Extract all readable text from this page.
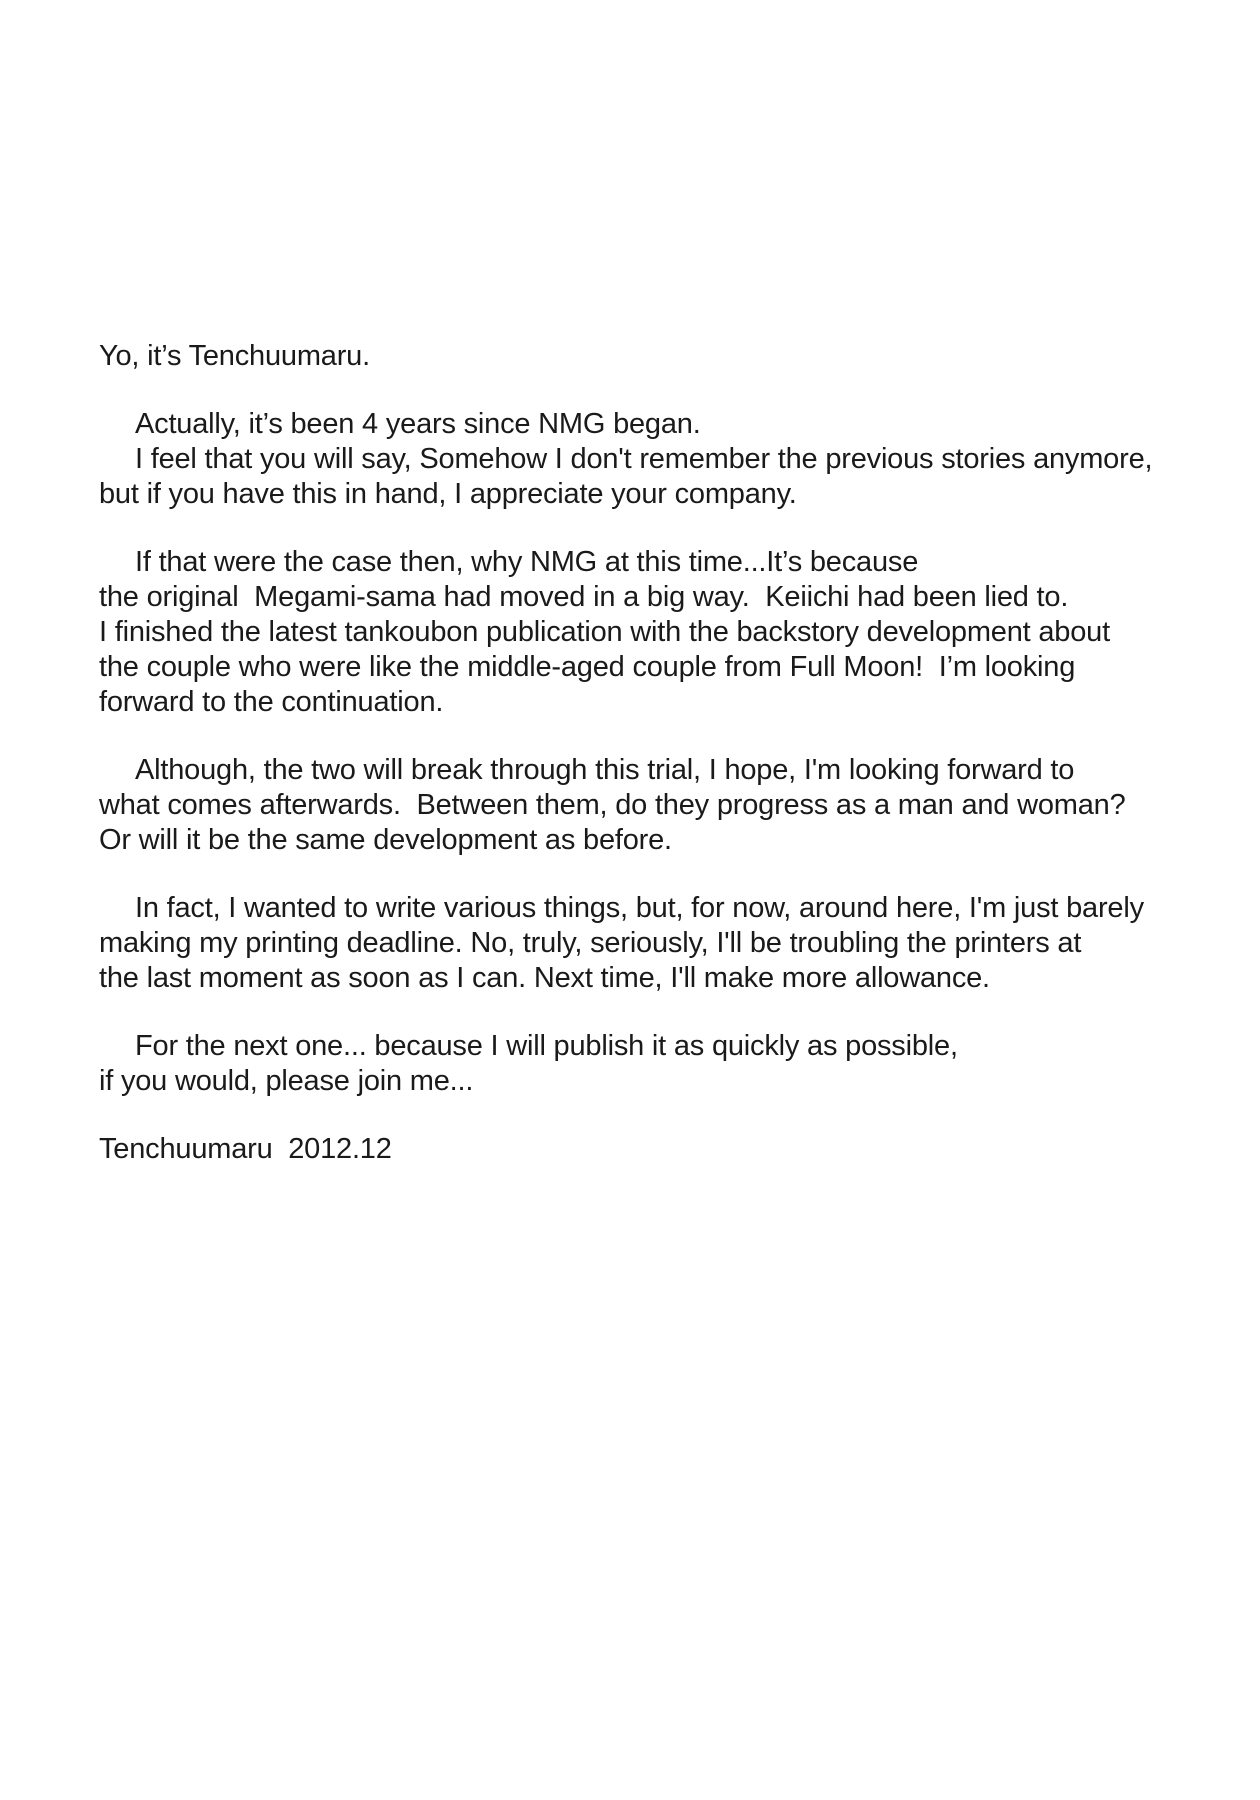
Yo, it’s Tenchuumaru.
Actually, it’s been 4 years since NMG began.
I feel that you will say, Somehow I don't remember the previous stories anymore,
but if you have this in hand, I appreciate your company.
If that were the case then, why NMG at this time...It’s because
the original  Megami-sama had moved in a big way.  Keiichi had been lied to.
I finished the latest tankoubon publication with the backstory development about
the couple who were like the middle-aged couple from Full Moon!  I’m looking
forward to the continuation.
Although, the two will break through this trial, I hope, I'm looking forward to
what comes afterwards.  Between them, do they progress as a man and woman?
Or will it be the same development as before.
In fact, I wanted to write various things, but, for now, around here, I'm just barely
making my printing deadline. No, truly, seriously, I'll be troubling the printers at
the last moment as soon as I can. Next time, I'll make more allowance.
For the next one... because I will publish it as quickly as possible,
if you would, please join me...
Tenchuumaru  2012.12
